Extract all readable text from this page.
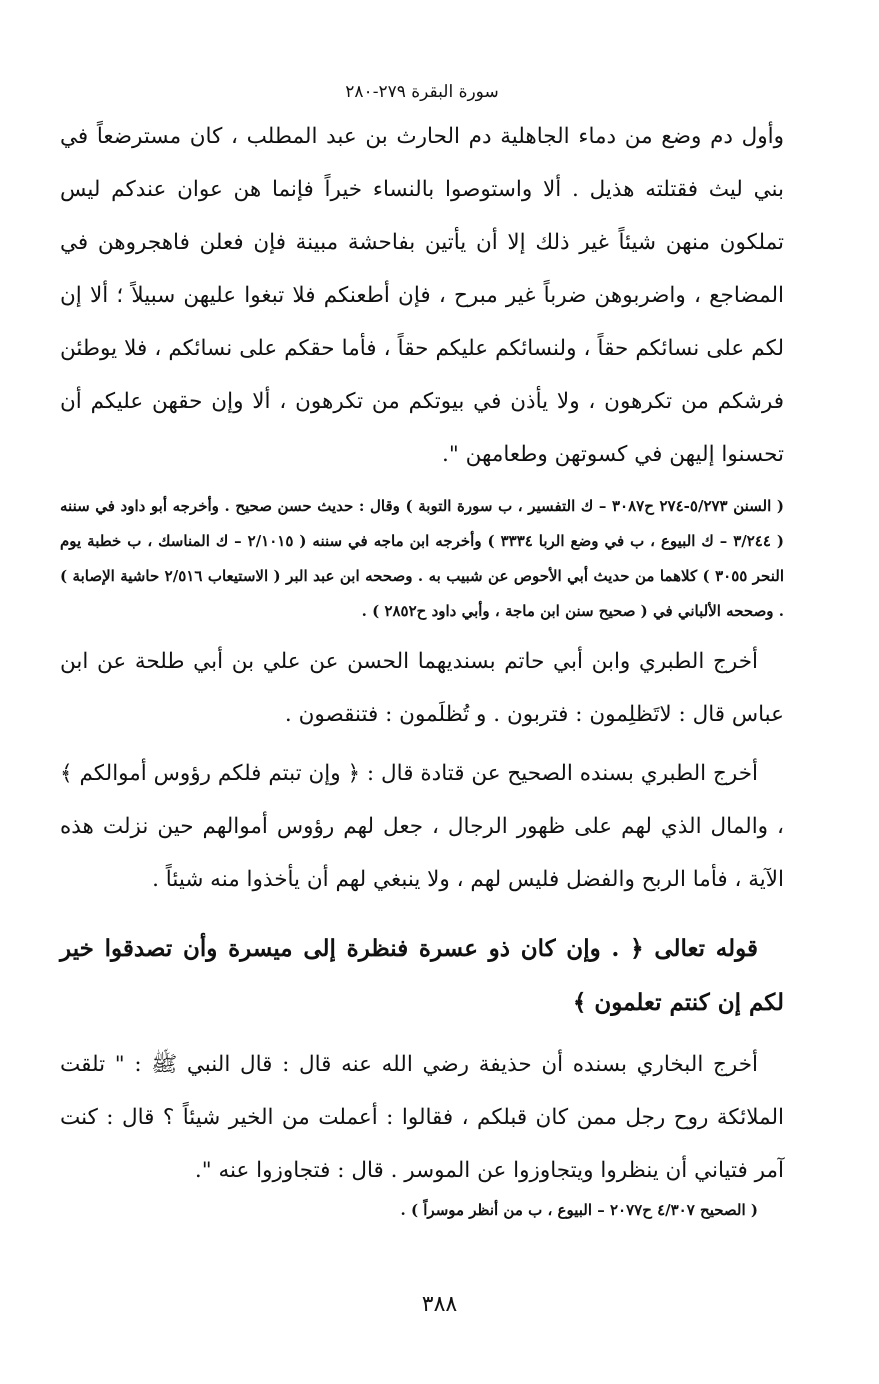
سورة البقرة ٢٧٩-٢٨٠

وأول دم وضع من دماء الجاهلية دم الحارث بن عبد المطلب ، كان مسترضعاً في بني ليث فقتلته هذيل . ألا واستوصوا بالنساء خيراً فإنما هن عوان عندكم ليس تملكون منهن شيئاً غير ذلك إلا أن يأتين بفاحشة مبينة فإن فعلن فاهجروهن في المضاجع ، واضربوهن ضرباً غير مبرح ، فإن أطعنكم فلا تبغوا عليهن سبيلاً ؛ ألا إن لكم على نسائكم حقاً ، ولنسائكم عليكم حقاً ، فأما حقكم على نسائكم ، فلا يوطئن فرشكم من تكرهون ، ولا يأذن في بيوتكم من تكرهون ، ألا وإن حقهن عليكم أن تحسنوا إليهن في كسوتهن وطعامهن ".

( السنن ٥/٢٧٣-٢٧٤ ح٣٠٨٧ – ك التفسير ، ب سورة التوبة ) وقال : حديث حسن صحيح . وأخرجه أبو داود في سننه ( ٣/٢٤٤ – ك البيوع ، ب في وضع الربا ٣٣٣٤ ) وأخرجه ابن ماجه في سننه ( ٢/١٠١٥ – ك المناسك ، ب خطبة يوم النحر ٣٠٥٥ ) كلاهما من حديث أبي الأحوص عن شبيب به . وصححه ابن عبد البر ( الاستيعاب ٢/٥١٦ حاشية الإصابة ) . وصححه الألباني في ( صحيح سنن ابن ماجة ، وأبي داود ح٢٨٥٢ ) .

أخرج الطبري وابن أبي حاتم بسنديهما الحسن عن علي بن أبي طلحة عن ابن عباس قال : لاتَظلِمون : فتربون . و تُظلَمون : فتنقصون .

أخرج الطبري بسنده الصحيح عن قتادة قال : ﴿ وإن تبتم فلكم رؤوس أموالكم ﴾ ، والمال الذي لهم على ظهور الرجال ، جعل لهم رؤوس أموالهم حين نزلت هذه الآية ، فأما الربح والفضل فليس لهم ، ولا ينبغي لهم أن يأخذوا منه شيئاً .

قوله تعالى ﴿ . وإن كان ذو عسرة فنظرة إلى ميسرة وأن تصدقوا خير لكم إن كنتم تعلمون ﴾

أخرج البخاري بسنده أن حذيفة رضي الله عنه قال : قال النبي ﷺ : " تلقت الملائكة روح رجل ممن كان قبلكم ، فقالوا : أعملت من الخير شيئاً ؟ قال : كنت آمر فتياني أن ينظروا ويتجاوزوا عن الموسر . قال : فتجاوزوا عنه ".

( الصحيح ٤/٣٠٧ ح٢٠٧٧ – البيوع ، ب من أنظر موسراً ) .

٣٨٨
